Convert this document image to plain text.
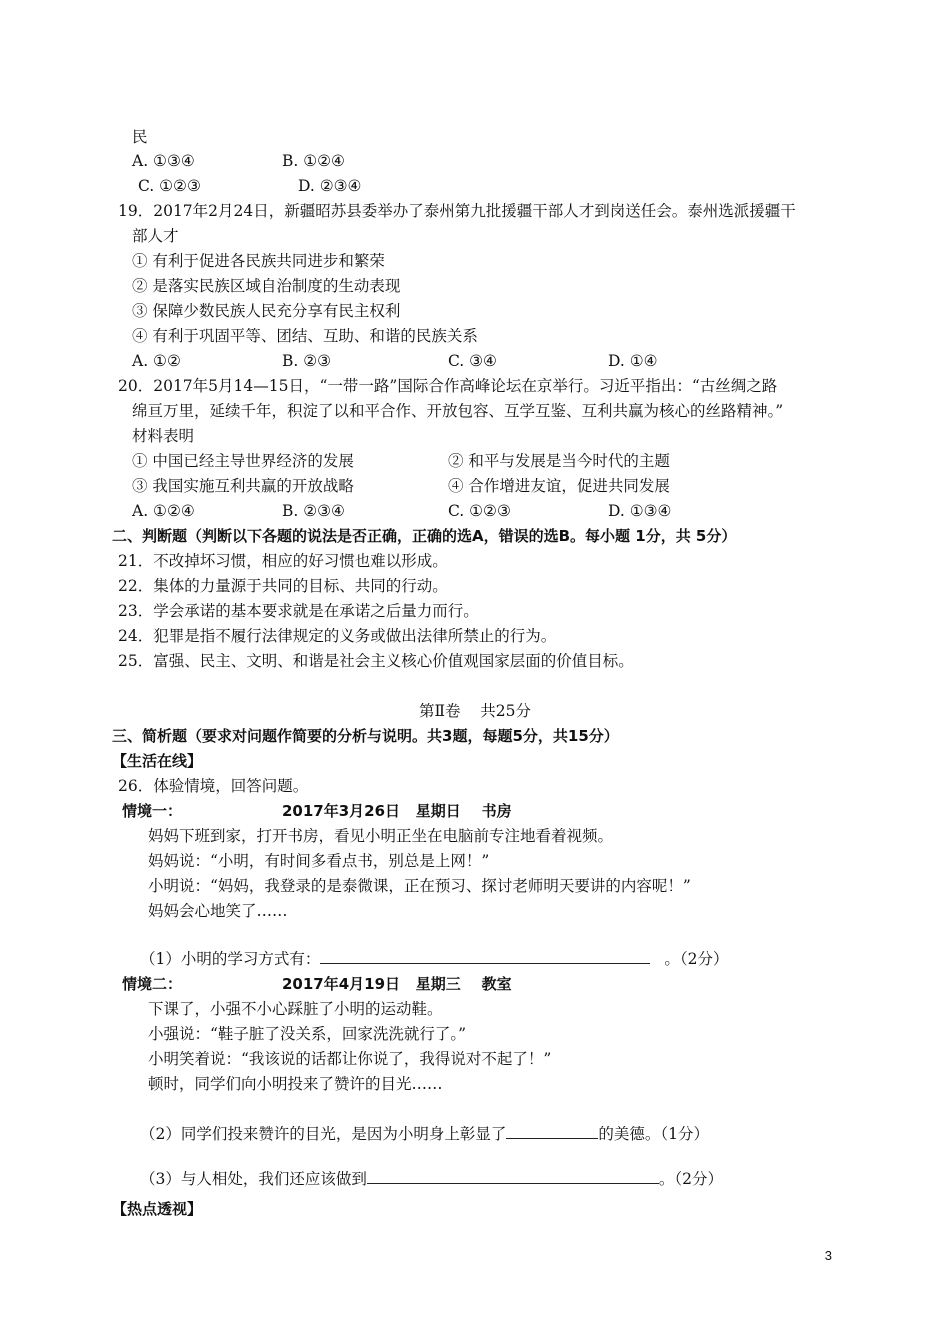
民
A. ①③④	B. ①②④
C. ①②③	D. ②③④
19．2017年2月24日，新疆昭苏县委举办了泰州第九批援疆干部人才到岗送任会。泰州选派援疆干
部人才
① 有利于促进各民族共同进步和繁荣
② 是落实民族区域自治制度的生动表现
③ 保障少数民族人民充分享有民主权利
④ 有利于巩固平等、团结、互助、和谐的民族关系
A. ①②	B. ②③	C. ③④	D. ①④
20．2017年5月14—15日，“一带一路”国际合作高峰论坛在京举行。习近平指出：“古丝绸之路
绵亘万里，延续千年，积淀了以和平合作、开放包容、互学互鉴、互利共赢为核心的丝路精神。”
材料表明
① 中国已经主导世界经济的发展	② 和平与发展是当今时代的主题
③ 我国实施互利共赢的开放战略	④ 合作增进友谊，促进共同发展
A. ①②④	B. ②③④	C. ①②③	D. ①③④
二、判断题（判断以下各题的说法是否正确，正确的选A，错误的选B。每小题 1分，共 5分）
21．不改掉坏习惯，相应的好习惯也难以形成。
22．集体的力量源于共同的目标、共同的行动。
23．学会承诺的基本要求就是在承诺之后量力而行。
24．犯罪是指不履行法律规定的义务或做出法律所禁止的行为。
25．富强、民主、文明、和谐是社会主义核心价值观国家层面的价值目标。
第Ⅱ卷    共25分
三、简析题（要求对问题作简要的分析与说明。共3题，每题5分，共15分）
【生活在线】
26．体验情境，回答问题。
情境一：	2017年3月26日   星期日    书房
妈妈下班到家，打开书房，看见小明正坐在电脑前专注地看着视频。
妈妈说：“小明，有时间多看点书，别总是上网！”
小明说：“妈妈，我登录的是泰微课，正在预习、探讨老师明天要讲的内容呢！”
妈妈会心地笑了……
（1）小明的学习方式有：	。（2分）
情境二：	2017年4月19日   星期三    教室
下课了，小强不小心踩脏了小明的运动鞋。
小强说：“鞋子脏了没关系，回家洗洗就行了。”
小明笑着说：“我该说的话都让你说了，我得说对不起了！”
顿时，同学们向小明投来了赞许的目光……
（2）同学们投来赞许的目光，是因为小明身上彰显了	的美德。（1分）
（3）与人相处，我们还应该做到	。（2分）
【热点透视】
3
